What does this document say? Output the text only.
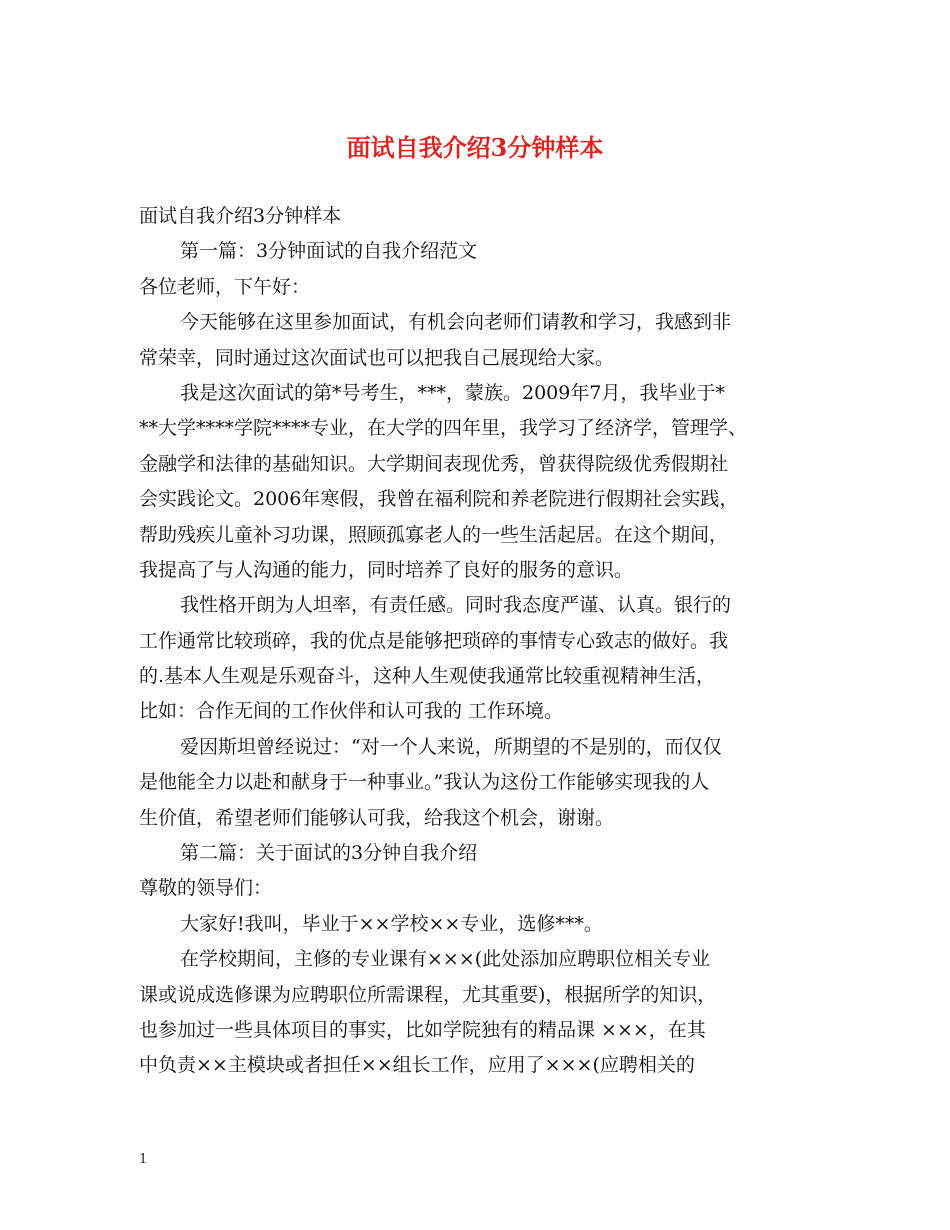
面试自我介绍3分钟样本
面试自我介绍3分钟样本
第一篇：3分钟面试的自我介绍范文
各位老师，下午好：
今天能够在这里参加面试，有机会向老师们请教和学习，我感到非
常荣幸，同时通过这次面试也可以把我自己展现给大家。
我是这次面试的第*号考生，***，蒙族。2009年7月，我毕业于*
**大学****学院****专业，在大学的四年里，我学习了经济学，管理学、
金融学和法律的基础知识。大学期间表现优秀，曾获得院级优秀假期社
会实践论文。2006年寒假，我曾在福利院和养老院进行假期社会实践，
帮助残疾儿童补习功课，照顾孤寡老人的一些生活起居。在这个期间，
我提高了与人沟通的能力，同时培养了良好的服务的意识。
我性格开朗为人坦率，有责任感。同时我态度严谨、认真。银行的
工作通常比较琐碎，我的优点是能够把琐碎的事情专心致志的做好。我
的.基本人生观是乐观奋斗，这种人生观使我通常比较重视精神生活，
比如：合作无间的工作伙伴和认可我的 工作环境。
爱因斯坦曾经说过：“对一个人来说，所期望的不是别的，而仅仅
是他能全力以赴和献身于一种事业。”我认为这份工作能够实现我的人
生价值，希望老师们能够认可我，给我这个机会，谢谢。
第二篇：关于面试的3分钟自我介绍
尊敬的领导们：
大家好!我叫，毕业于××学校××专业，选修***。
在学校期间，主修的专业课有×××(此处添加应聘职位相关专业
课或说成选修课为应聘职位所需课程，尤其重要)，根据所学的知识，
也参加过一些具体项目的事实，比如学院独有的精品课 ×××，在其
中负责××主模块或者担任××组长工作，应用了×××(应聘相关的
1
